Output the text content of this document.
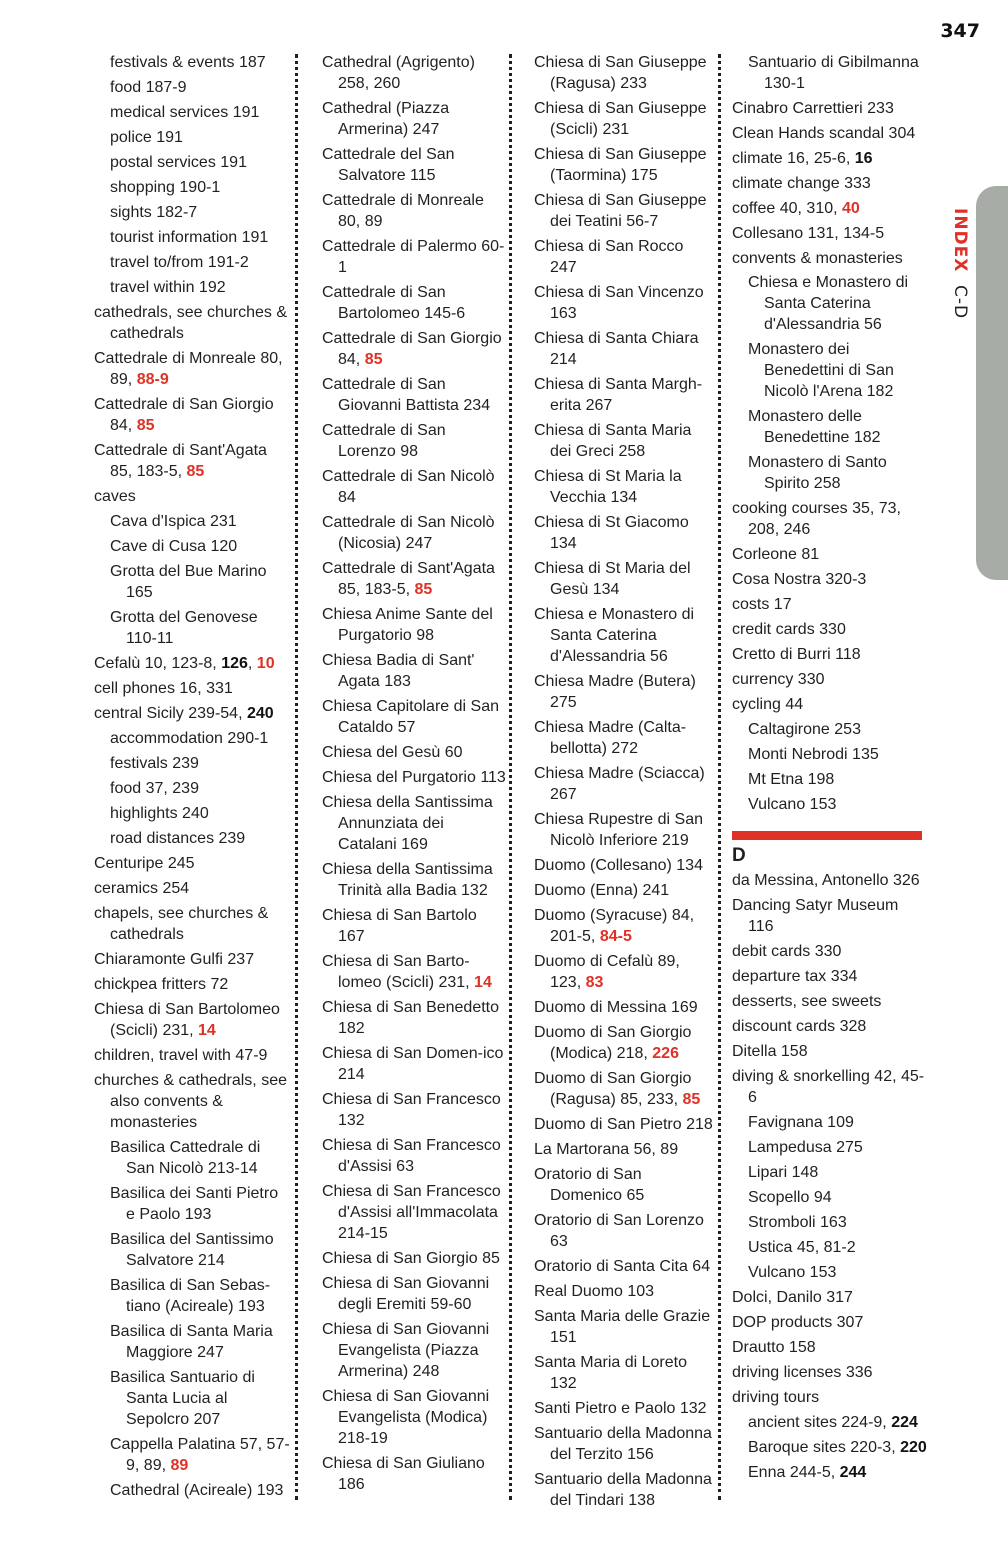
347
INDEX C-D
festivals & events 187
food 187-9
medical services 191
police 191
postal services 191
shopping 190-1
sights 182-7
tourist information 191
travel to/from 191-2
travel within 192
cathedrals, see churches & cathedrals
Cattedrale di Monreale 80, 89, 88-9
Cattedrale di San Giorgio 84, 85
Cattedrale di Sant'Agata 85, 183-5, 85
caves
Cava d'Ispica 231
Cave di Cusa 120
Grotta del Bue Marino 165
Grotta del Genovese 110-11
Cefalù 10, 123-8, 126, 10
cell phones 16, 331
central Sicily 239-54, 240
accommodation 290-1
festivals 239
food 37, 239
highlights 240
road distances 239
Centuripe 245
ceramics 254
chapels, see churches & cathedrals
Chiaramonte Gulfi 237
chickpea fritters 72
Chiesa di San Bartolomeo (Scicli) 231, 14
children, travel with 47-9
churches & cathedrals, see also convents & monasteries
Basilica Cattedrale di San Nicolò 213-14
Basilica dei Santi Pietro e Paolo 193
Basilica del Santissimo Salvatore 214
Basilica di San Sebas-tiano (Acireale) 193
Basilica di Santa Maria Maggiore 247
Basilica Santuario di Santa Lucia al Sepolcro 207
Cappella Palatina 57, 57-9, 89, 89
Cathedral (Acireale) 193
Cathedral (Agrigento) 258, 260
Cathedral (Piazza Armerina) 247
Cattedrale del San Salvatore 115
Cattedrale di Monreale 80, 89
Cattedrale di Palermo 60-1
Cattedrale di San Bartolomeo 145-6
Cattedrale di San Giorgio 84, 85
Cattedrale di San Giovanni Battista 234
Cattedrale di San Lorenzo 98
Cattedrale di San Nicolò 84
Cattedrale di San Nicolò (Nicosia) 247
Cattedrale di Sant'Agata 85, 183-5, 85
Chiesa Anime Sante del Purgatorio 98
Chiesa Badia di Sant' Agata 183
Chiesa Capitolare di San Cataldo 57
Chiesa del Gesù 60
Chiesa del Purgatorio 113
Chiesa della Santissima Annunziata dei Catalani 169
Chiesa della Santissima Trinità alla Badia 132
Chiesa di San Bartolo 167
Chiesa di San Barto-lomeo (Scicli) 231, 14
Chiesa di San Benedetto 182
Chiesa di San Domen-ico 214
Chiesa di San Francesco 132
Chiesa di San Francesco d'Assisi 63
Chiesa di San Francesco d'Assisi all'Immacolata 214-15
Chiesa di San Giorgio 85
Chiesa di San Giovanni degli Eremiti 59-60
Chiesa di San Giovanni Evangelista (Piazza Armerina) 248
Chiesa di San Giovanni Evangelista (Modica) 218-19
Chiesa di San Giuliano 186
Chiesa di San Giuseppe (Ragusa) 233
Chiesa di San Giuseppe (Scicli) 231
Chiesa di San Giuseppe (Taormina) 175
Chiesa di San Giuseppe dei Teatini 56-7
Chiesa di San Rocco 247
Chiesa di San Vincenzo 163
Chiesa di Santa Chiara 214
Chiesa di Santa Margh-erita 267
Chiesa di Santa Maria dei Greci 258
Chiesa di St Maria la Vecchia 134
Chiesa di St Giacomo 134
Chiesa di St Maria del Gesù 134
Chiesa e Monastero di Santa Caterina d'Alessandria 56
Chiesa Madre (Butera) 275
Chiesa Madre (Calta-bellotta) 272
Chiesa Madre (Sciacca) 267
Chiesa Rupestre di San Nicolò Inferiore 219
Duomo (Collesano) 134
Duomo (Enna) 241
Duomo (Syracuse) 84, 201-5, 84-5
Duomo di Cefalù 89, 123, 83
Duomo di Messina 169
Duomo di San Giorgio (Modica) 218, 226
Duomo di San Giorgio (Ragusa) 85, 233, 85
Duomo di San Pietro 218
La Martorana 56, 89
Oratorio di San Domenico 65
Oratorio di San Lorenzo 63
Oratorio di Santa Cita 64
Real Duomo 103
Santa Maria delle Grazie 151
Santa Maria di Loreto 132
Santi Pietro e Paolo 132
Santuario della Madonna del Terzito 156
Santuario della Madonna del Tindari 138
Santuario di Gibilmanna 130-1
Cinabro Carrettieri 233
Clean Hands scandal 304
climate 16, 25-6, 16
climate change 333
coffee 40, 310, 40
Collesano 131, 134-5
convents & monasteries
Chiesa e Monastero di Santa Caterina d'Alessandria 56
Monastero dei Benedettini di San Nicolò l'Arena 182
Monastero delle Benedettine 182
Monastero di Santo Spirito 258
cooking courses 35, 73, 208, 246
Corleone 81
Cosa Nostra 320-3
costs 17
credit cards 330
Cretto di Burri 118
currency 330
cycling 44
Caltagirone 253
Monti Nebrodi 135
Mt Etna 198
Vulcano 153
D
da Messina, Antonello 326
Dancing Satyr Museum 116
debit cards 330
departure tax 334
desserts, see sweets
discount cards 328
Ditella 158
diving & snorkelling 42, 45-6
Favignana 109
Lampedusa 275
Lipari 148
Scopello 94
Stromboli 163
Ustica 45, 81-2
Vulcano 153
Dolci, Danilo 317
DOP products 307
Drautto 158
driving licenses 336
driving tours
ancient sites 224-9, 224
Baroque sites 220-3, 220
Enna 244-5, 244
